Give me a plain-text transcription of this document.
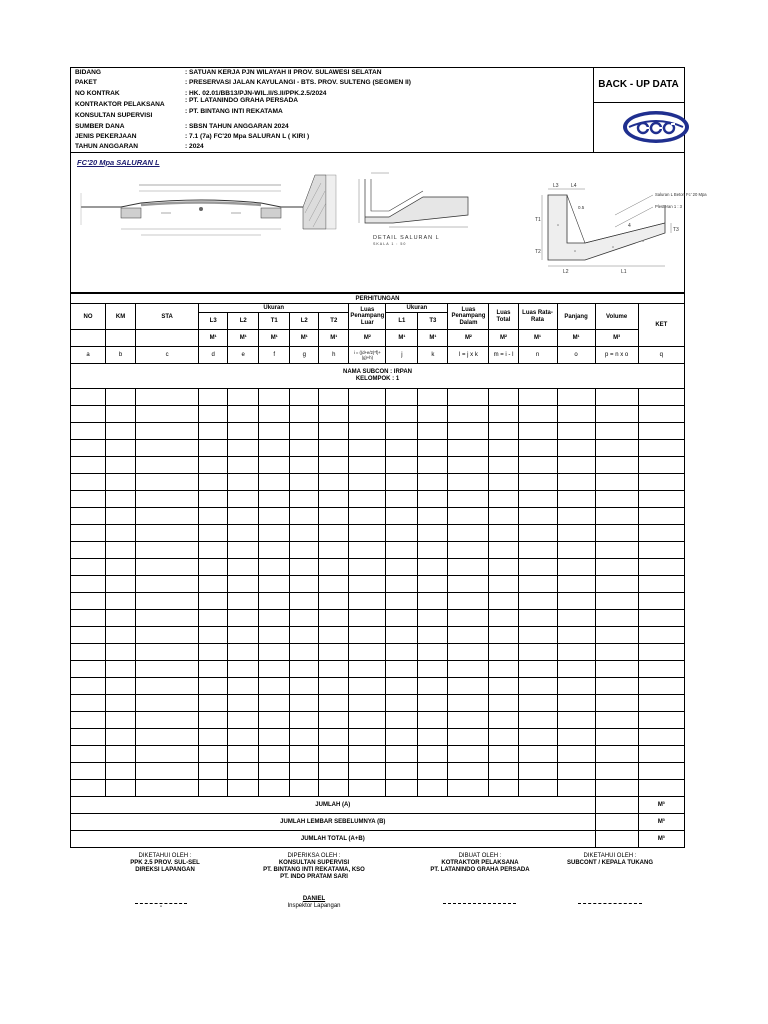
BIDANG	: SATUAN KERJA PJN WILAYAH II PROV. SULAWESI SELATAN
PAKET	: PRESERVASI JALAN KAYULANGI - BTS. PROV. SULTENG (SEGMEN II)
NO KONTRAK	: HK. 02.01/BB13/PJN-WIL.II/S.II/PPK.2.5/2024
KONTRAKTOR PELAKSANA
: PT. LATANINDO GRAHA PERSADA
KONSULTAN SUPERVISI
: PT. BINTANG INTI REKATAMA
SUMBER DANA	: SBSN TAHUN ANGGARAN 2024
JENIS PEKERJAAN	: 7.1 (7a) FC'20 Mpa SALURAN L ( KIRI )
TAHUN ANGGARAN	: 2024
BACK - UP DATA
FC'20 Mpa SALURAN L
DETAIL SALURAN L
SKALA 1 : 50
Saluran L Beton Fc' 20 Mpa
Plesteran 1 : 3
L3 L4
T1
T2
T3
L2	L1
4
0.5
PERHITUNGAN																
NO	KM	STA	Ukuran					Luas Penampang Luar	Ukuran		Luas Penampang Dalam	Luas Total	Luas Rata-Rata	Panjang	Volume	KET
			L3	L2	T1	L2	T2		L1	T3						
			M¹	M¹	M¹	M¹	M¹	M²	M¹	M¹	M²	M²	M¹	M¹	M³	
a	b	c	d	e	f	g	h	i = ((d+e/2)*f)+ (g)+h)	j	k	l = j x k	m = i - l	n	o	p = n x o	q
NAMA SUBCON : IRPAN
KELOMPOK : 1																

JUMLAH (A)																M³
JUMLAH LEMBAR SEBELUMNYA (B)																M³
JUMLAH TOTAL (A+B)																M³
DIKETAHUI OLEH :
PPK 2.5 PROV. SUL-SEL
DIREKSI LAPANGAN
-
DIPERIKSA OLEH :
KONSULTAN SUPERVISI
PT. BINTANG INTI REKATAMA, KSO
PT. INDO PRATAM SARI
DANIEL
Inspektor Lapangan
DIBUAT OLEH :
KOTRAKTOR PELAKSANA
PT. LATANINDO GRAHA PERSADA
DIKETAHUI OLEH :
SUBCONT / KEPALA TUKANG
